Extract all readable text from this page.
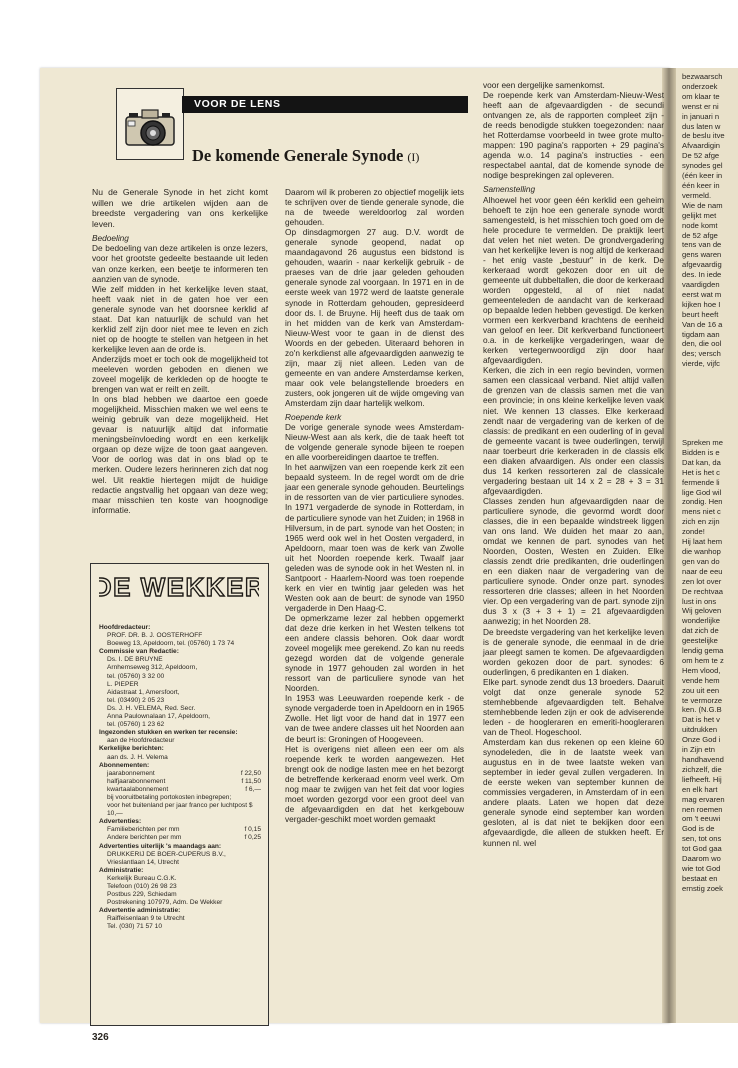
VOOR DE LENS
De komende Generale Synode (I)

Nu de Generale Synode in het zicht komt willen we drie artikelen wijden aan de breedste vergadering van ons kerkelijke leven.

Bedoeling

De bedoeling van deze artikelen is onze lezers, voor het grootste gedeelte bestaande uit leden van onze kerken, een beetje te informeren ten aanzien van de synode.

Wie zelf midden in het kerkelijke leven staat, heeft vaak niet in de gaten hoe ver een generale synode van het doorsnee kerklid af staat. Dat kan natuurlijk de schuld van het kerklid zelf zijn door niet mee te leven en zich niet op de hoogte te stellen van hetgeen in het kerkelijke leven aan de orde is.

Anderzijds moet er toch ook de mogelijkheid tot meeleven worden geboden en dienen we zoveel mogelijk de kerkleden op de hoogte te brengen van wat er reilt en zeilt.

In ons blad hebben we daartoe een goede mogelijkheid. Misschien maken we wel eens te weinig gebruik van deze mogelijkheid. Het gevaar is natuurlijk altijd dat informatie meningsbeïnvloeding wordt en een kerkelijk orgaan op deze wijze de toon gaat aangeven. Voor de oorlog was dat in ons blad op te merken. Oudere lezers herinneren zich dat nog wel. Uit reaktie hiertegen mijdt de huidige redactie angstvallig het opgaan van deze weg; maar misschien ten koste van hoognodige informatie.

DE WEKKER
Hoofdredacteur:
PROF. DR. B. J. OOSTERHOFF
Boeweg 13, Apeldoorn, tel. (05760) 1 73 74
Commissie van Redactie:
Ds. I. DE BRUYNE
Arnhemseweg 312, Apeldoorn,
tel. (05760) 3 32 00
L. PIEPER
Aidastraat 1, Amersfoort,
tel. (03490) 2 05 23
Ds. J. H. VELEMA, Red. Secr.
Anna Paulownalaan 17, Apeldoorn,
tel. (05760) 1 23 62
Ingezonden stukken en werken ter recensie:
aan de Hoofdredacteur
Kerkelijke berichten:
aan ds. J. H. Velema
Abonnementen:
jaarabonnement	f 22,50
halfjaarabonnement	f 11,50
kwartaalabonnement	f 6,—
bij vooruitbetaling portokosten inbegrepen;
voor het buitenland per jaar franco per luchtpost $ 10,—
Advertenties:
Familieberichten per mm	f 0,15
Andere berichten per mm	f 0,25
Advertenties uiterlijk 's maandags aan:
DRUKKERIJ DE BOER-CUPERUS B.V.,
Vrieslantlaan 14, Utrecht
Administratie:
Kerkelijk Bureau C.G.K.
Telefoon (010) 26 98 23
Postbus 229, Schiedam
Postrekening 107979, Adm. De Wekker
Advertentie administratie:
Raiffeisenlaan 9 te Utrecht
Tel. (030) 71 57 10

Daarom wil ik proberen zo objectief mogelijk iets te schrijven over de tiende generale synode, die na de tweede wereldoorlog zal worden gehouden.

Op dinsdagmorgen 27 aug. D.V. wordt de generale synode geopend, nadat op maandagavond 26 augustus een bidstond is gehouden, waarin - naar kerkelijk gebruik - de praeses van de drie jaar geleden gehouden generale synode zal voorgaan. In 1971 en in de eerste week van 1972 werd de laatste generale synode in Rotterdam gehouden, gepresideerd door ds. I. de Bruyne. Hij heeft dus de taak om in het midden van de kerk van Amsterdam-Nieuw-West voor te gaan in de dienst des Woords en der gebeden. Uiteraard behoren in zo'n kerkdienst alle afgevaardigden aanwezig te zijn, maar zij niet alleen. Leden van de gemeente en van andere Amsterdamse kerken, maar ook vele belangstellende broeders en zusters, ook jongeren uit de wijde omgeving van Amsterdam zijn daar hartelijk welkom.

Roepende kerk

De vorige generale synode wees Amsterdam-Nieuw-West aan als kerk, die de taak heeft tot de volgende generale synode bijeen te roepen en alle voorbereidingen daartoe te treffen.

In het aanwijzen van een roepende kerk zit een bepaald systeem. In de regel wordt om de drie jaar een generale synode gehouden. Beurtelings in de ressorten van de vier particuliere synodes. In 1971 vergaderde de synode in Rotterdam, in de particuliere synode van het Zuiden; in 1968 in Hilversum, in de part. synode van het Oosten; in 1965 werd ook wel in het Oosten vergaderd, in Apeldoorn, maar toen was de kerk van Zwolle uit het Noorden roepende kerk. Twaalf jaar geleden was de synode ook in het Westen nl. in Santpoort - Haarlem-Noord was toen roepende kerk en vier en twintig jaar geleden was het Westen ook aan de beurt: de synode van 1950 vergaderde in Den Haag-C.

De opmerkzame lezer zal hebben opgemerkt dat deze drie kerken in het Westen telkens tot een andere classis behoren. Ook daar wordt zoveel mogelijk mee gerekend. Zo kan nu reeds gezegd worden dat de volgende generale synode in 1977 gehouden zal worden in het ressort van de particuliere synode van het Noorden.

In 1953 was Leeuwarden roepende kerk - de synode vergaderde toen in Apeldoorn en in 1965 Zwolle. Het ligt voor de hand dat in 1977 een van de twee andere classes uit het Noorden aan de beurt is: Groningen of Hoogeveen.

Het is overigens niet alleen een eer om als roepende kerk te worden aangewezen. Het brengt ook de nodige lasten mee en het bezorgt de betreffende kerkeraad enorm veel werk. Om nog maar te zwijgen van het feit dat voor logies moet worden gezorgd voor een groot deel van de afgevaardigden en dat het kerkgebouw vergader-geschikt moet worden gemaakt

voor een dergelijke samenkomst.

De roepende kerk van Amsterdam-Nieuw-West heeft aan de afgevaardigden - de secundi ontvangen ze, als de rapporten compleet zijn - de reeds benodigde stukken toegezonden: naar het Rotterdamse voorbeeld in twee grote multo-mappen: 190 pagina's rapporten + 29 pagina's agenda w.o. 14 pagina's instructies - een respectabel aantal, dat de komende synode de nodige besprekingen zal opleveren.

Samenstelling

Alhoewel het voor geen één kerklid een geheim behoeft te zijn hoe een generale synode wordt samengesteld, is het misschien toch goed om de hele procedure te vermelden. De praktijk leert dat velen het niet weten. De grondvergadering van het kerkelijke leven is nog altijd de kerkeraad - het enig vaste „bestuur" in de kerk. De kerkeraad wordt gekozen door en uit de gemeente uit dubbeltallen, die door de kerkeraad worden opgesteld, al of niet nadat gemeenteleden de aandacht van de kerkeraad op bepaalde leden hebben gevestigd. De kerken vormen een kerkverband krachtens de eenheid van geloof en leer. Dit kerkverband functioneert o.a. in de kerkelijke vergaderingen, waar de kerken vertegenwoordigd zijn door haar afgevaardigden.

Kerken, die zich in een regio bevinden, vormen samen een classicaal verband. Niet altijd vallen de grenzen van de classis samen met die van een provincie; in ons kleine kerkelijke leven vaak niet. We kennen 13 classes. Elke kerkeraad zendt naar de vergadering van de kerken of de classis: de predikant en een ouderling of in geval de gemeente vacant is twee ouderlingen, terwijl naar toerbeurt drie kerkeraden in de classis elk een diaken afvaardigen. Als onder een classis dus 14 kerken ressorteren zal de classicale vergadering bestaan uit 14 x 2 = 28 + 3 = 31 afgevaardigden.

Classes zenden hun afgevaardigden naar de particuliere synode, die gevormd wordt door classes, die in een bepaalde windstreek liggen van ons land. We duiden het maar zo aan, omdat we kennen de part. synodes van het Noorden, Oosten, Westen en Zuiden. Elke classis zendt drie predikanten, drie ouderlingen en een diaken naar de vergadering van de particuliere synode. Onder onze part. synodes ressorteren drie classes; alleen in het Noorden vier. Op een vergadering van de part. synode zijn dus 3 x (3 + 3 + 1) = 21 afgevaardigden aanwezig; in het Noorden 28.

De breedste vergadering van het kerkelijke leven is de generale synode, die eenmaal in de drie jaar pleegt samen te komen. De afgevaardigden worden gekozen door de part. synodes: 6 ouderlingen, 6 predikanten en 1 diaken.

Elke part. synode zendt dus 13 broeders. Daaruit volgt dat onze generale synode 52 stemhebbende afgevaardigden telt. Behalve stemhebbende leden zijn er ook de adviserende leden - de hoogleraren en emeriti-hoogleraren van de Theol. Hogeschool.

Amsterdam kan dus rekenen op een kleine 60 synodeleden, die in de laatste week van augustus en in de twee laatste weken van september in ieder geval zullen vergaderen. In de eerste weken van september kunnen de commissies vergaderen, in Amsterdam of in een andere plaats. Laten we hopen dat deze generale synode eind september kan worden gesloten, al is dat niet te bekijken door een afgevaardigde, die alleen de stukken heeft. Er kunnen nl. wel

bezwaarsch
onderzoek
om klaar te
wenst er ni
in januari n
dus laten w
de beslu itve
Afvaardigin
De 52 afge
synodes gel
(één keer in
één keer in
vermeld.
Wie de nam
gelijkt met
node komt
de 52 afge
tens van de
gens waren
afgevaardig
des. In iede
vaardigden
eerst wat m
kijken hoe I
beurt heeft
Van de 16 a
tigdam aan
den, die ool
des; versch
vierde, vijfc
Spreken me
Bidden is e
Dat kan, da
Het is het c
fermende li
lige God wil
zondig. Hen
mens niet c
zich en zijn
zonde!
Hij laat hem
die wanhop
gen van do
naar de eeu
zen lot over
De rechtvaa
lust in ons
Wij geloven
wonderlijke
dat zich de
geestelijke
lendig gema
om hem te z
Hem vlood,
vende hem
zou uit een
te vermorze
ken. (N.G.B
Dat is het v
uitdrukken
Onze God i
in Zijn etn
handhavend
zichzelf, die
liefheeft. Hij
en elk hart
mag ervaren
nen roemen
om 't eeuwi
God is de
sen, tot ons
tot God gaa
Daarom wo
wie tot God
bestaat en
ernstig zoek
326
